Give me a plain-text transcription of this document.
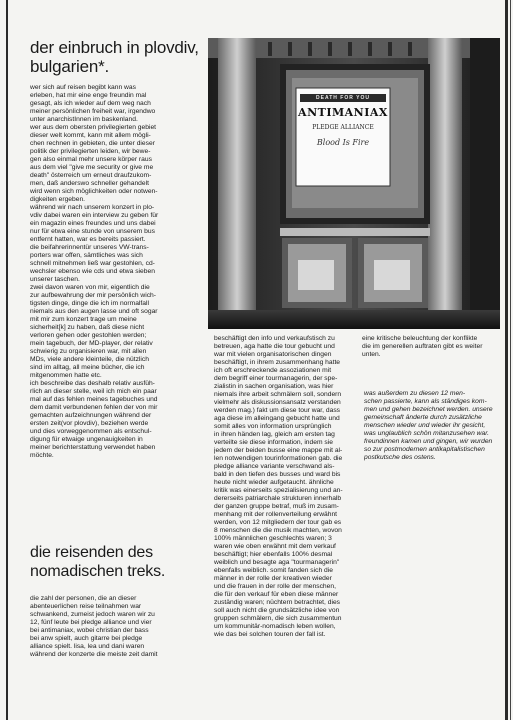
der einbruch in plovdiv, bulgarien*.
wer sich auf reisen begibt kann was
erleben, hat mir eine enge freundin mal
gesagt, als ich wieder auf dem weg nach
meiner persönlichen freiheit war, irgendwo
unter anarchistInnen im baskenland.
wer aus dem obersten privilegierten gebiet
dieser welt kommt, kann mit allem mögli-
chen rechnen in gebieten, die unter dieser
politik der privilegierten leiden, wir bewe-
gen also einmal mehr unsere körper raus
aus dem viel "give me security or give me
death" österreich um erneut draufzukom-
men, daß anderswo schneller gehandelt
wird wenn sich möglichkeiten oder notwen-
digkeiten ergeben.
während wir nach unserem konzert in plo-
vdiv dabei waren ein interview zu geben für
ein magazin eines freundes und uns dabei
nur für etwa eine stunde von unserem bus
entfernt hatten, war es bereits passiert.
die beifahrerinnentür unseres VW-trans-
porters war offen, sämtliches was sich
schnell mitnehmen ließ war gestohlen, cd-
wechsler ebenso wie cds und etwa sieben
unserer taschen.
zwei davon waren von mir, eigentlich die
zur aufbewahrung der mir persönlich wich-
tigsten dinge, dinge die ich im normalfall
niemals aus den augen lasse und oft sogar
mit mir zum konzert trage um meine
sicherheit[k] zu haben, daß diese nicht
verloren gehen oder gestohlen werden;
mein tagebuch, der MD-player, der relativ
schwierig zu organisieren war, mit allen
MDs, viele andere kleinteile, die nützlich
sind im alltag, all meine bücher, die ich
mitgenommen hatte etc.
ich beschreibe das deshalb relativ ausfüh-
rlich an dieser stelle, weil ich mich ein paar
mal auf das fehlen meines tagebuches und
dem damit verbundenen fehlen der von mir
gemachten aufzeichnungen während der
ersten zeit(vor plovdiv), beziehen werde
und dies vorweggenommen als entschul-
digung für etwaige ungenauigkeiten in
meiner berichterstattung verwendet haben
möchte.
die reisenden des nomadischen treks.
die zahl der personen, die an dieser
abenteuerlichen reise teilnahmen war
schwankend, zumeist jedoch waren wir zu
12, fünf leute bei pledge alliance und vier
bei antimaniax, wobei christian der bass
bei anw spielt, auch gitarre bei pledge
alliance spielt. lisa, lea und dani waren
während der konzerte die meiste zeit damit
beschäftigt den info und verkaufstisch zu
betreuen, aga hatte die tour gebucht und
war mit vielen organisatorischen dingen
beschäftigt, in ihrem zusammenhang hatte
ich oft erschreckende assoziationen mit
dem begriff einer tourmanagerin, der spe-
zialistin in sachen organisation, was hier
niemals ihre arbeit schmälern soll, sondern
vielmehr als diskussionsansatz verstanden
werden mag.) fakt um diese tour war, dass
aga diese im alleingang gebucht hatte und
somit alles von information ursprünglich
in ihren händen lag, gleich am ersten tag
verteilte sie diese information, indem sie
jedem der beiden busse eine mappe mit al-
len notwendigen tourinformationen gab. die
pledge alliance variante verschwand als-
bald in den tiefen des busses und ward bis
heute nicht wieder aufgetaucht. ähnliche
kritik was einerseits spezialisierung und an-
dererseits patriarchale strukturen innerhalb
der ganzen gruppe betraf, muß im zusam-
menhang mit der rollenverteilung erwähnt
werden, von 12 mitgliedern der tour gab es
8 menschen die die musik machten, wovon
100% männlichen geschlechts waren; 3
waren wie oben erwähnt mit dem verkauf
beschäftigt; hier ebenfalls 100% desmal
weiblich und besagte aga "tourmanagerin"
ebenfalls weiblich. somit fanden sich die
männer in der rolle der kreativen wieder
und die frauen in der rolle der menschen,
die für den verkauf für eben diese männer
zuständig waren; nüchtern betrachtet, dies
soll auch nicht die grundsätzliche idee von
gruppen schmälern, die sich zusammentun
um kommunitär-nomadisch leben wollen,
wie das bei solchen touren der fall ist.
eine kritische beleuchtung der konflikte
die im generellen auftraten gibt es weiter
unten.
was außerdem zu diesen 12 men-
schen passierte, kann als ständiges kom-
men und gehen bezeichnet werden. unsere
gemeinschaft änderte durch zusätzliche
menschen wieder und wieder ihr gesicht,
was unglaublich schön mitanzusehen war.
freundinnen kamen und gingen, wir wurden
so zur postmodernen antikapitalistischen
postkutsche des ostens.
DEATH FOR YOU
ANTIMANIAX
PLEDGE ALLIANCE
Blood Is Fire
